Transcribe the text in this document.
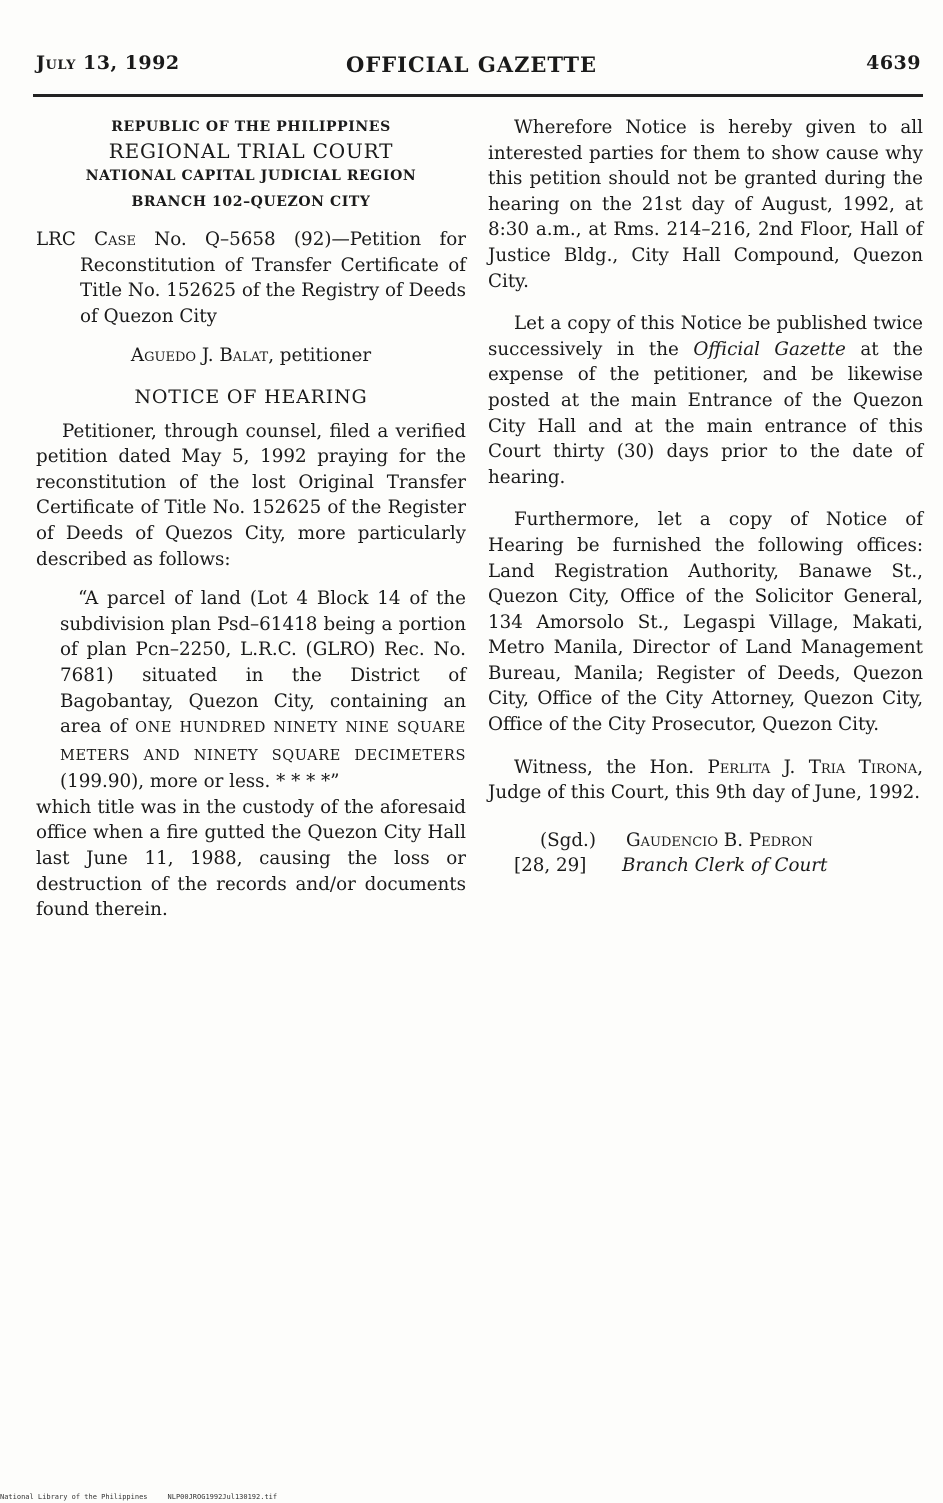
July 13, 1992	OFFICIAL GAZETTE	4639
REPUBLIC OF THE PHILIPPINES
REGIONAL TRIAL COURT
NATIONAL CAPITAL JUDICIAL REGION
BRANCH 102–QUEZON CITY

LRC Case No. Q–5658 (92)—Petition for Reconstitution of Transfer Certificate of Title No. 152625 of the Registry of Deeds of Quezon City

Aguedo J. Balat, petitioner
NOTICE OF HEARING

Petitioner, through counsel, filed a verified petition dated May 5, 1992 praying for the reconstitution of the lost Original Transfer Certificate of Title No. 152625 of the Register of Deeds of Quezos City, more particularly described as follows:

“A parcel of land (Lot 4 Block 14 of the subdivision plan Psd–61418 being a portion of plan Pcn–2250, L.R.C. (GLRO) Rec. No. 7681) situated in the District of Bagobantay, Quezon City, containing an area of ONE HUNDRED NINETY NINE SQUARE METERS AND NINETY SQUARE DECIMETERS (199.90), more or less. * * * *”

which title was in the custody of the aforesaid office when a fire gutted the Quezon City Hall last June 11, 1988, causing the loss or destruction of the records and/or documents found therein.

Wherefore Notice is hereby given to all interested parties for them to show cause why this petition should not be granted during the hearing on the 21st day of August, 1992, at 8:30 a.m., at Rms. 214–216, 2nd Floor, Hall of Justice Bldg., City Hall Compound, Quezon City.

Let a copy of this Notice be published twice successively in the Official Gazette at the expense of the petitioner, and be likewise posted at the main Entrance of the Quezon City Hall and at the main entrance of this Court thirty (30) days prior to the date of hearing.

Furthermore, let a copy of Notice of Hearing be furnished the following offices: Land Registration Authority, Banawe St., Quezon City, Office of the Solicitor General, 134 Amorsolo St., Legaspi Village, Makati, Metro Manila, Director of Land Management Bureau, Manila; Register of Deeds, Quezon City, Office of the City Attorney, Quezon City, Office of the City Prosecutor, Quezon City.

Witness, the Hon. Perlita J. Tria Tirona, Judge of this Court, this 9th day of June, 1992.

(Sgd.) Gaudencio B. Pedron
[28, 29] Branch Clerk of Court
National Library of the Philippines	NLP00JROG1992Jul130192.tif
